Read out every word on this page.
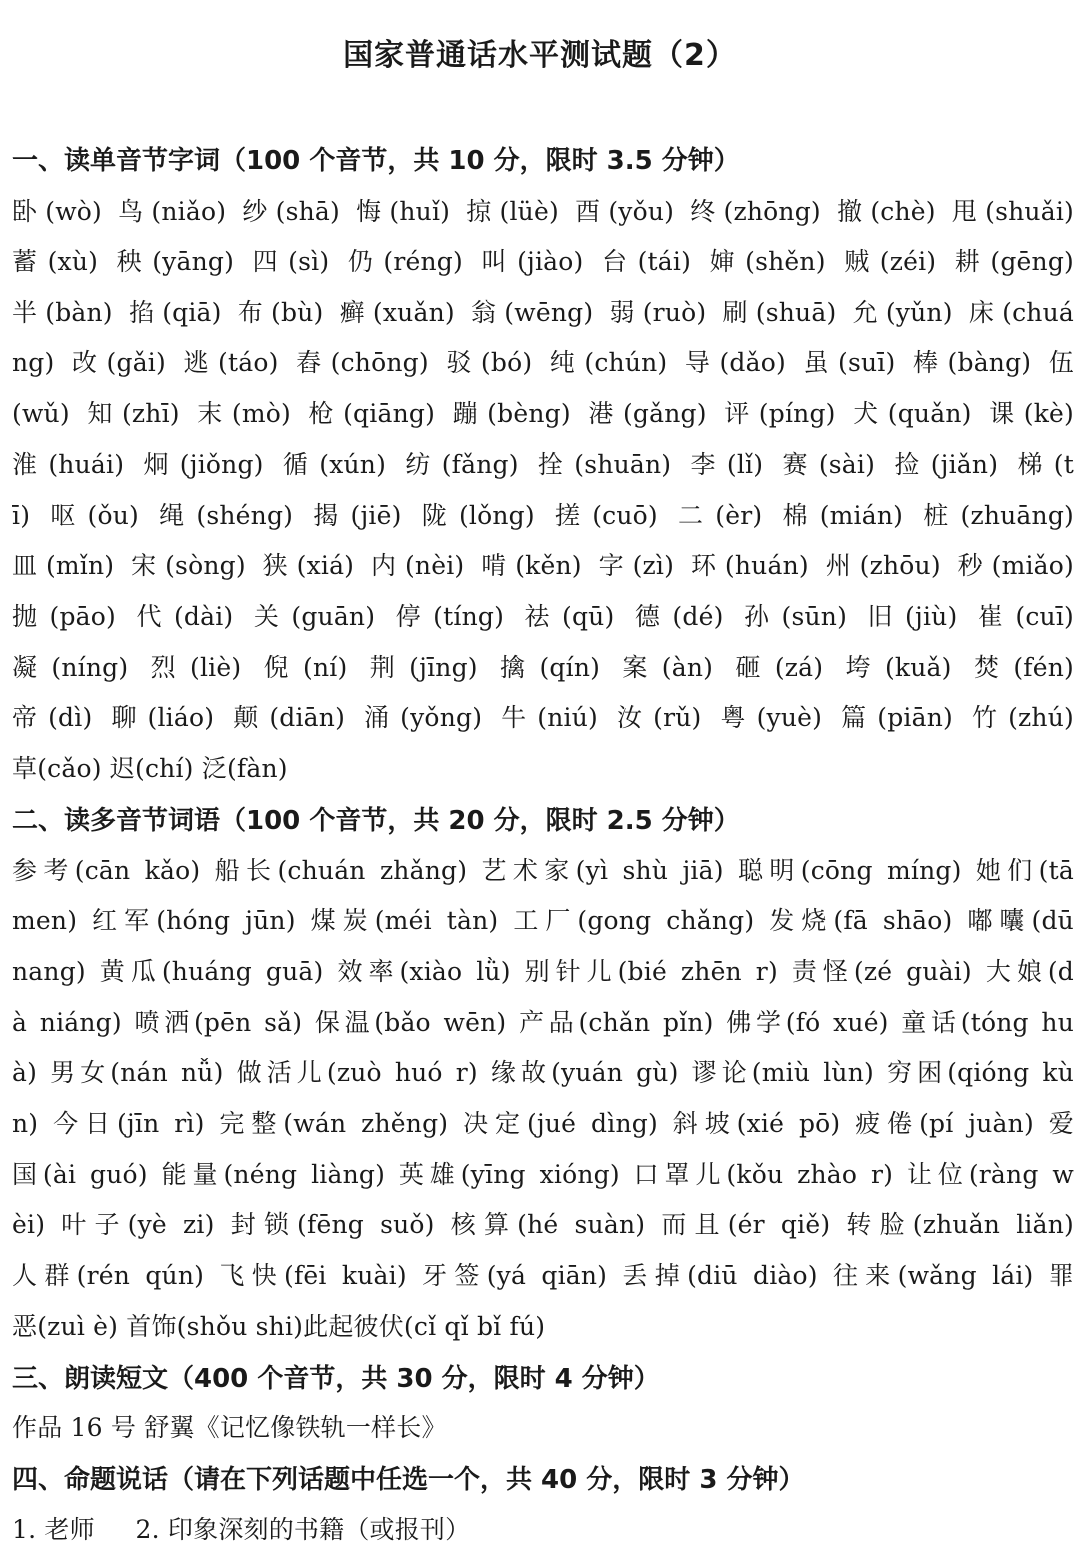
国家普通话水平测试题（2）
一、读单音节字词（100 个音节，共 10 分，限时 3.5 分钟）
卧(wò) 鸟(niǎo) 纱(shā) 悔(huǐ) 掠(lüè) 酉(yǒu) 终(zhōng) 撤(chè) 甩(shuǎi)
蓄(xù) 秧(yāng) 四(sì) 仍(réng) 叫(jiào) 台(tái) 婶(shěn) 贼(zéi) 耕(gēng)
半(bàn) 掐(qiā) 布(bù) 癣(xuǎn) 翁(wēng) 弱(ruò) 刷(shuā) 允(yǔn) 床(chuá
ng) 改(gǎi) 逃(táo) 舂(chōng) 驳(bó) 纯(chún) 导(dǎo) 虽(suī) 棒(bàng) 伍
(wǔ) 知(zhī) 末(mò) 枪(qiāng) 蹦(bèng) 港(gǎng) 评(píng) 犬(quǎn) 课(kè)
淮(huái) 炯(jiǒng) 循(xún) 纺(fǎng) 拴(shuān) 李(lǐ) 赛(sài) 捡(jiǎn) 梯(t
ī) 呕(ǒu) 绳(shéng) 揭(jiē) 陇(lǒng) 搓(cuō) 二(èr) 棉(mián) 桩(zhuāng)
皿(mǐn) 宋(sòng) 狭(xiá) 内(nèi) 啃(kěn) 字(zì) 环(huán) 州(zhōu) 秒(miǎo)
抛(pāo) 代(dài) 关(guān) 停(tíng) 祛(qū) 德(dé) 孙(sūn) 旧(jiù) 崔(cuī)
凝(níng) 烈(liè) 倪(ní) 荆(jīng) 擒(qín) 案(àn) 砸(zá) 垮(kuǎ) 焚(fén)
帝(dì) 聊(liáo) 颠(diān) 涌(yǒng) 牛(niú) 汝(rǔ) 粤(yuè) 篇(piān) 竹(zhú)
草(cǎo) 迟(chí) 泛(fàn)
二、读多音节词语（100 个音节，共 20 分，限时 2.5 分钟）
参考(cān kǎo) 船长(chuán zhǎng) 艺术家(yì shù jiā) 聪明(cōng míng) 她们(tā
men) 红军(hóng jūn) 煤炭(méi tàn) 工厂(gong chǎng) 发烧(fā shāo) 嘟囔(dū
nang) 黄瓜(huáng guā) 效率(xiào lǜ) 别针儿(bié zhēn r) 责怪(zé guài) 大娘(d
à niáng) 喷洒(pēn sǎ) 保温(bǎo wēn) 产品(chǎn pǐn) 佛学(fó xué) 童话(tóng hu
à) 男女(nán nǚ) 做活儿(zuò huó r) 缘故(yuán gù) 谬论(miù lùn) 穷困(qióng kù
n) 今日(jīn rì) 完整(wán zhěng) 决定(jué dìng) 斜坡(xié pō) 疲倦(pí juàn) 爱
国(ài guó) 能量(néng liàng) 英雄(yīng xióng) 口罩儿(kǒu zhào r) 让位(ràng w
èi) 叶子(yè zi) 封锁(fēng suǒ) 核算(hé suàn) 而且(ér qiě) 转脸(zhuǎn liǎn)
人群(rén qún) 飞快(fēi kuài) 牙签(yá qiān) 丢掉(diū diào) 往来(wǎng lái) 罪
恶(zuì è) 首饰(shǒu shi)此起彼伏(cǐ qǐ bǐ fú)
三、朗读短文（400 个音节，共 30 分，限时 4 分钟）
作品 16 号 舒翼《记忆像铁轨一样长》
四、命题说话（请在下列话题中任选一个，共 40 分，限时 3 分钟）
1. 老师     2. 印象深刻的书籍（或报刊）
